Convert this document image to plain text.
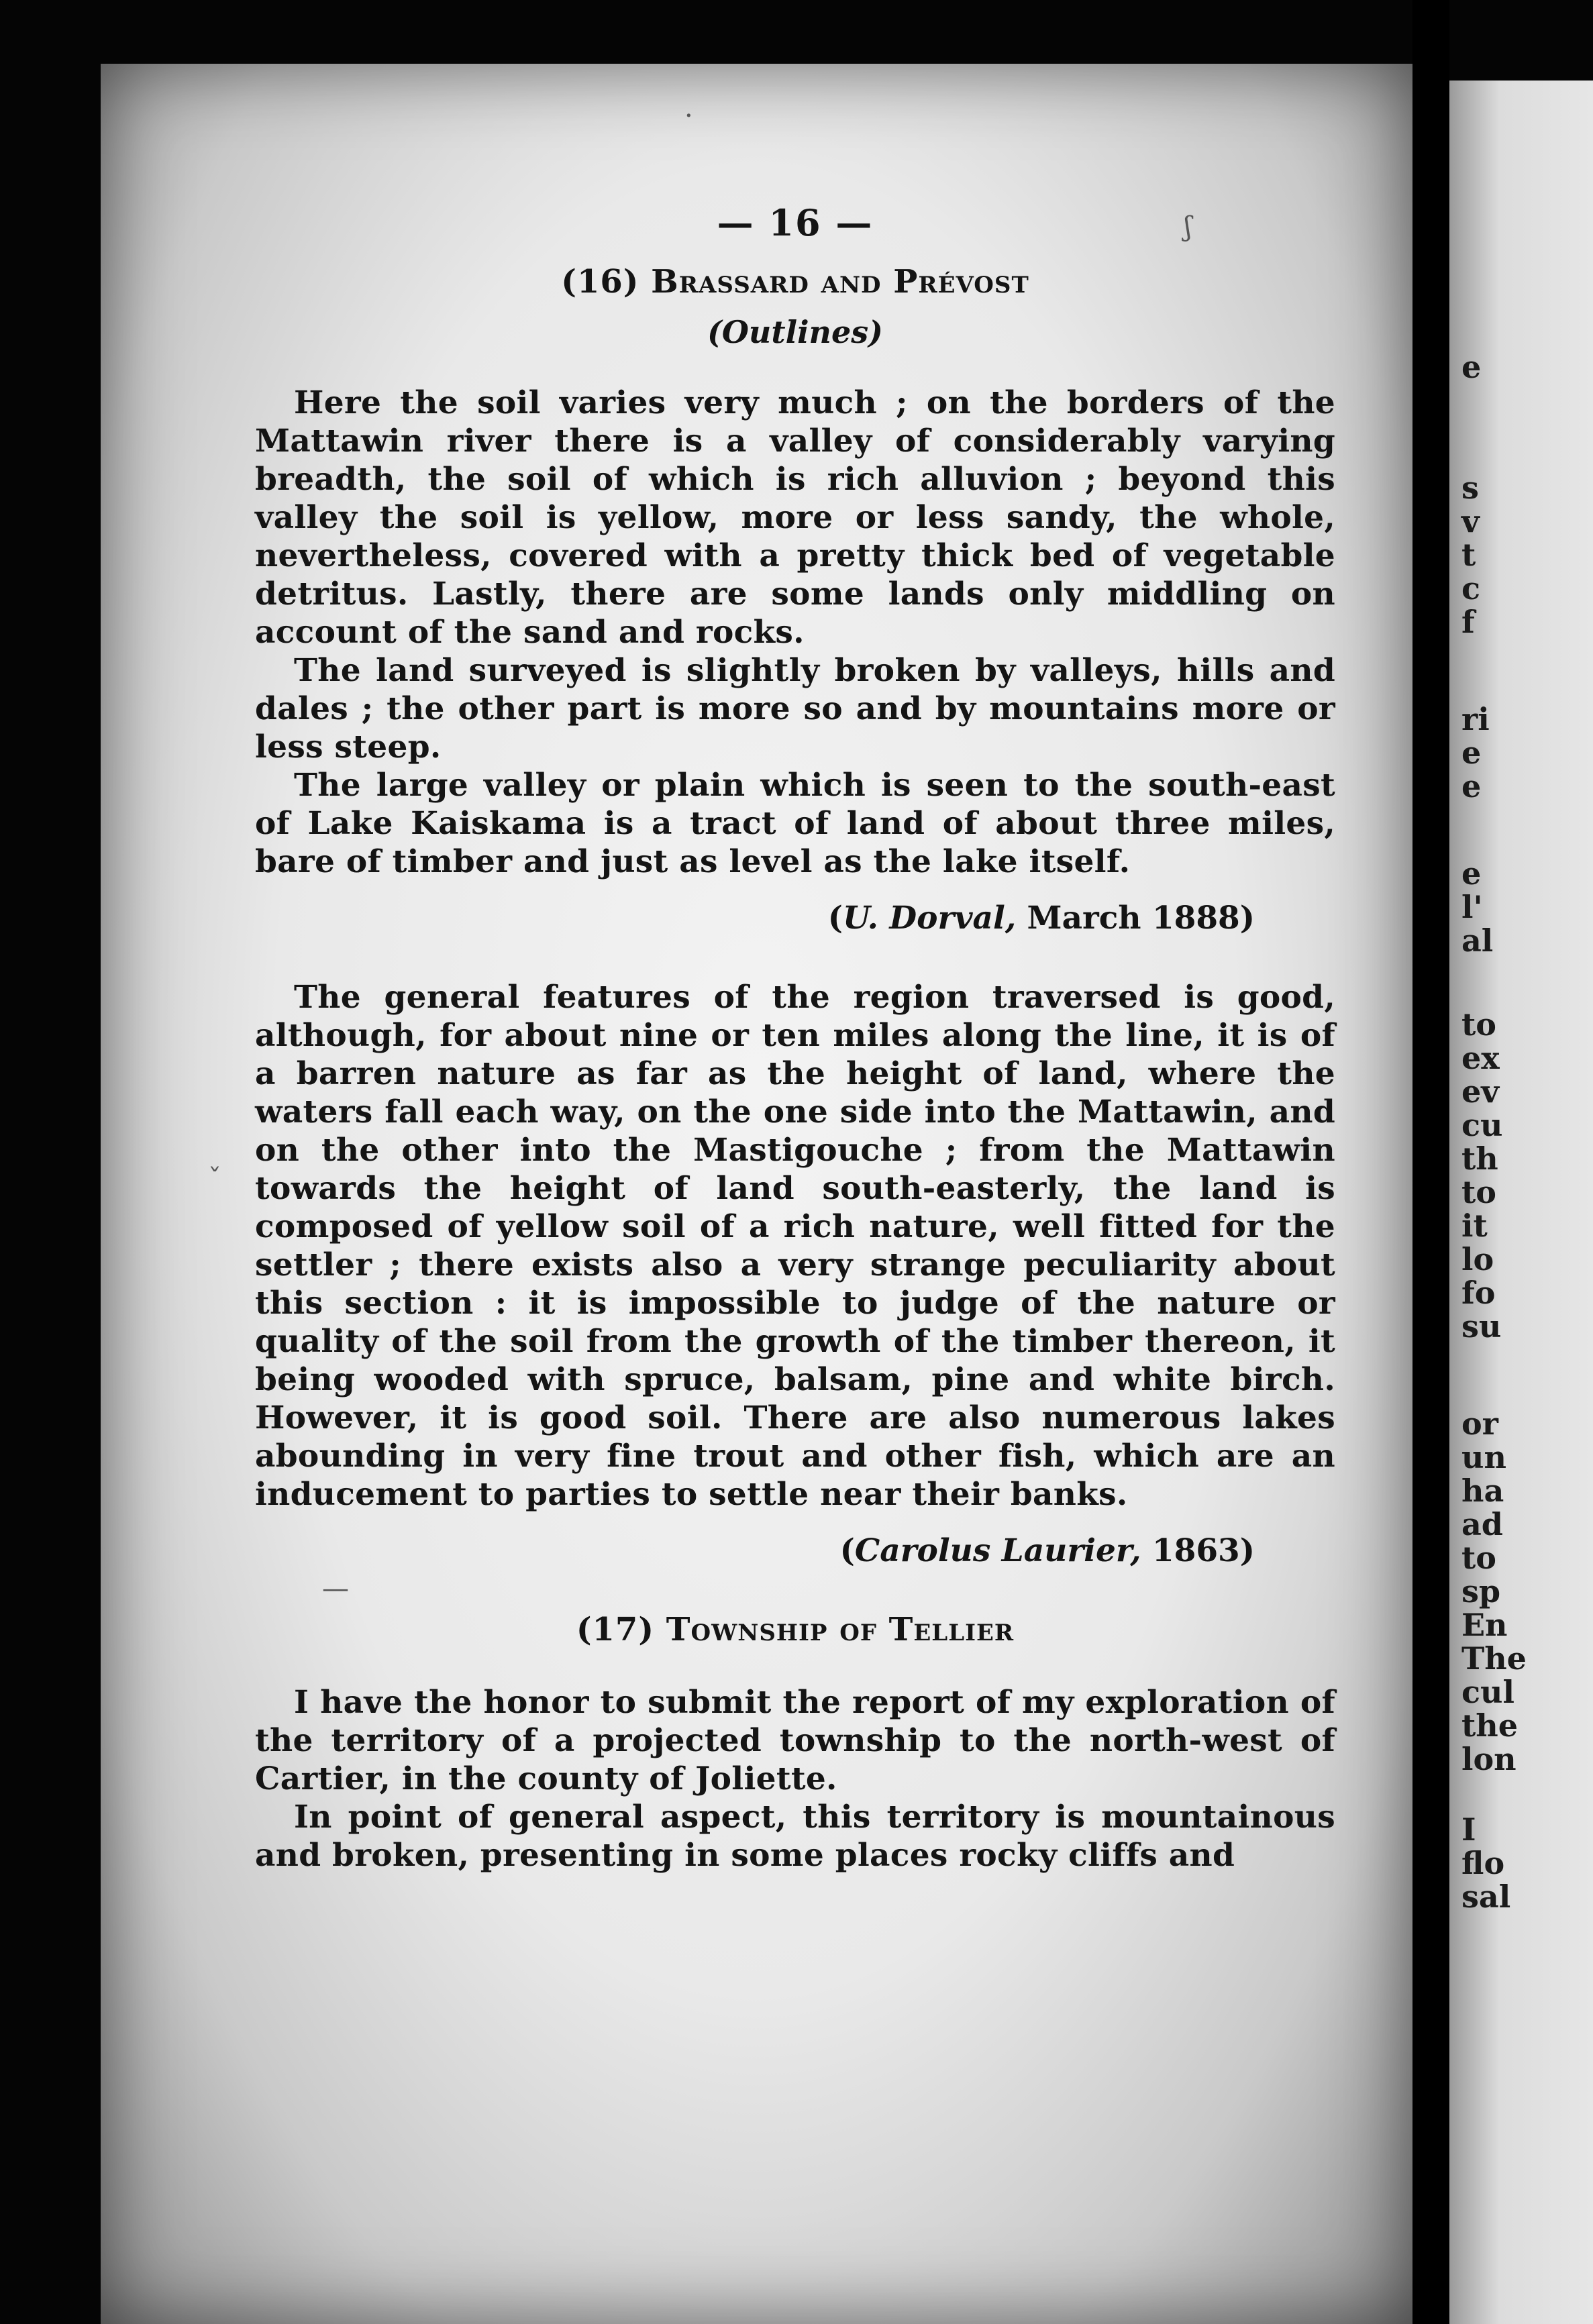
·
ʃ
ˇ
—

— 16 —

(16) Brassard and Prévost

(Outlines)

Here the soil varies very much ; on the borders of the Mattawin river there is a valley of considerably varying breadth, the soil of which is rich alluvion ; beyond this valley the soil is yellow, more or less sandy, the whole, nevertheless, covered with a pretty thick bed of vegetable detritus. Lastly, there are some lands only middling on account of the sand and rocks.

The land surveyed is slightly broken by valleys, hills and dales ; the other part is more so and by mountains more or less steep.

The large valley or plain which is seen to the south-east of Lake Kaiskama is a tract of land of about three miles, bare of timber and just as level as the lake itself.

(U. Dorval, March 1888)

The general features of the region traversed is good, although, for about nine or ten miles along the line, it is of a barren nature as far as the height of land, where the waters fall each way, on the one side into the Mattawin, and on the other into the Mastigouche ; from the Mattawin towards the height of land south-easterly, the land is composed of yellow soil of a rich nature, well fitted for the settler ; there exists also a very strange peculiarity about this section : it is impossible to judge of the nature or quality of the soil from the growth of the timber thereon, it being wooded with spruce, balsam, pine and white birch. However, it is good soil. There are also numerous lakes abounding in very fine trout and other fish, which are an inducement to parties to settle near their banks.

(Carolus Laurier, 1863)

(17) Township of Tellier

I have the honor to submit the report of my exploration of the territory of a projected township to the north-west of Cartier, in the county of Joliette.

In point of general aspect, this territory is mountainous and broken, presenting in some places rocky cliffs and

e
s
v
t
c
f
ri
e
e
e
l'
al
to
ex
ev
cu
th
to
it
lo
fo
su
or
un
ha
ad
to
sp
En
The
cul
the
lon
I
flo
sal
